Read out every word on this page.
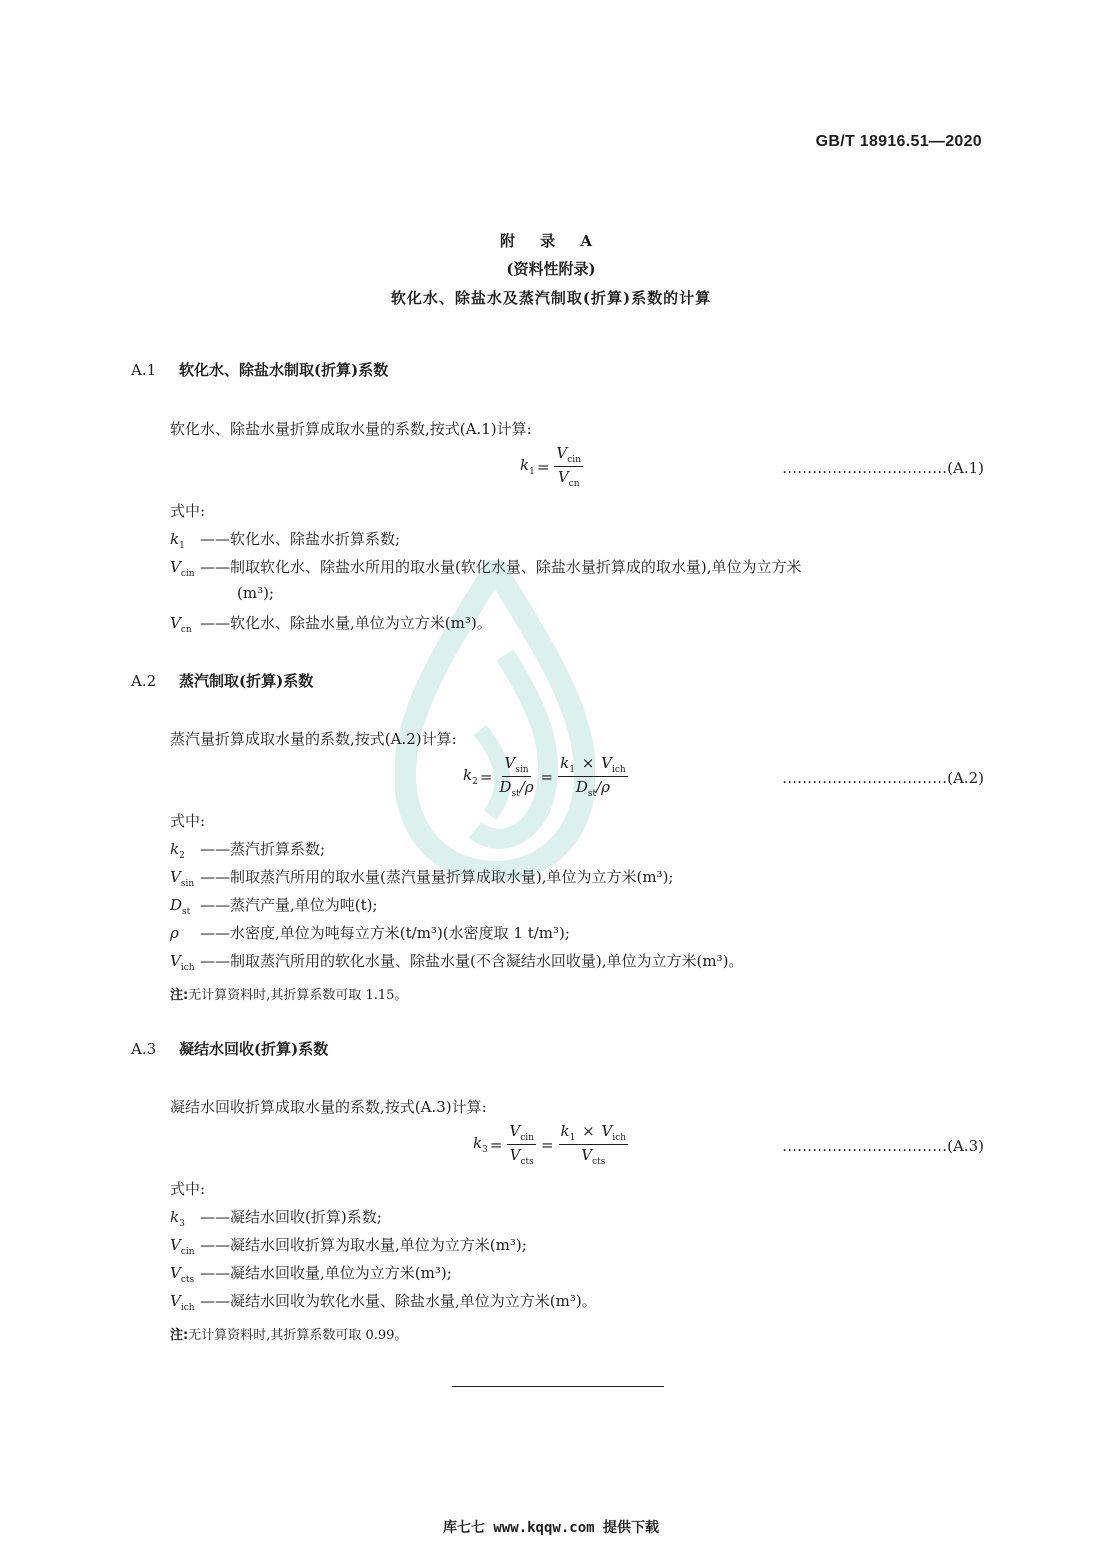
GB/T 18916.51—2020
附 录 A
(资料性附录)
软化水、除盐水及蒸汽制取(折算)系数的计算
A.1 软化水、除盐水制取(折算)系数
软化水、除盐水量折算成取水量的系数,按式(A.1)计算:
$k_1 = \frac{V_{cin}}{V_{cn}}$	……………………………(A.1)
式中:
$k_1$ ——软化水、除盐水折算系数;
$V_{cin}$ ——制取软化水、除盐水所用的取水量(软化水量、除盐水量折算成的取水量),单位为立方米
(m³);
$V_{cn}$ ——软化水、除盐水量,单位为立方米(m³)。
A.2 蒸汽制取(折算)系数
蒸汽量折算成取水量的系数,按式(A.2)计算:
$k_2 = \frac{V_{sin}}{D_{st}/\rho} = \frac{k_1 \times V_{ich}}{D_{st}/\rho}$	……………………………(A.2)
式中:
$k_2$ ——蒸汽折算系数;
$V_{sin}$ ——制取蒸汽所用的取水量(蒸汽量量折算成取水量),单位为立方米(m³);
$D_{st}$ ——蒸汽产量,单位为吨(t);
ρ ——水密度,单位为吨每立方米(t/m³)(水密度取 1 t/m³);
$V_{ich}$ ——制取蒸汽所用的软化水量、除盐水量(不含凝结水回收量),单位为立方米(m³)。
注:无计算资料时,其折算系数可取 1.15。
A.3 凝结水回收(折算)系数
凝结水回收折算成取水量的系数,按式(A.3)计算:
$k_3 = \frac{V_{cin}}{V_{cts}} = \frac{k_1 \times V_{ich}}{V_{cts}}$	……………………………(A.3)
式中:
$k_3$ ——凝结水回收(折算)系数;
$V_{cin}$ ——凝结水回收折算为取水量,单位为立方米(m³);
$V_{cts}$ ——凝结水回收量,单位为立方米(m³);
$V_{ich}$ ——凝结水回收为软化水量、除盐水量,单位为立方米(m³)。
注:无计算资料时,其折算系数可取 0.99。
库七七 www.kqqw.com 提供下载
